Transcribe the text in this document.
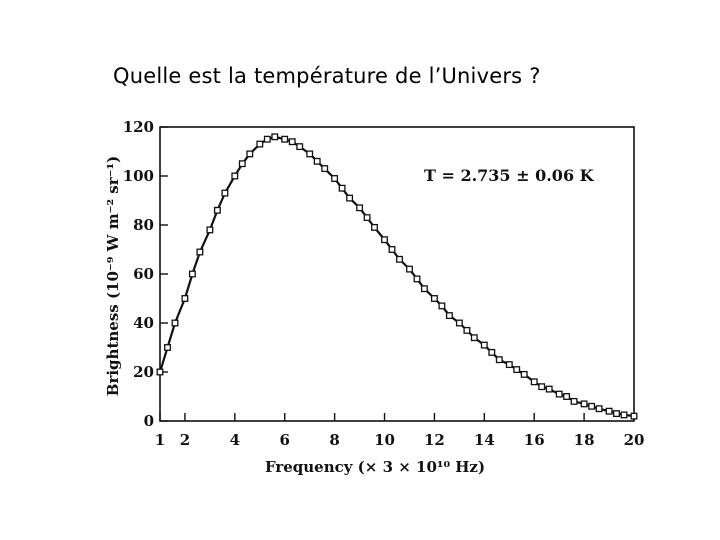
Quelle est la température de l’Univers ?
1 2	4	6	8 10 12 14 16 18 20
0
20
40
60
80
100
120
T = 2.735 ± 0.06 K
Frequency (× 3 × 10¹⁰ Hz)
Brightness (10⁻⁹ W m⁻² sr⁻¹)
